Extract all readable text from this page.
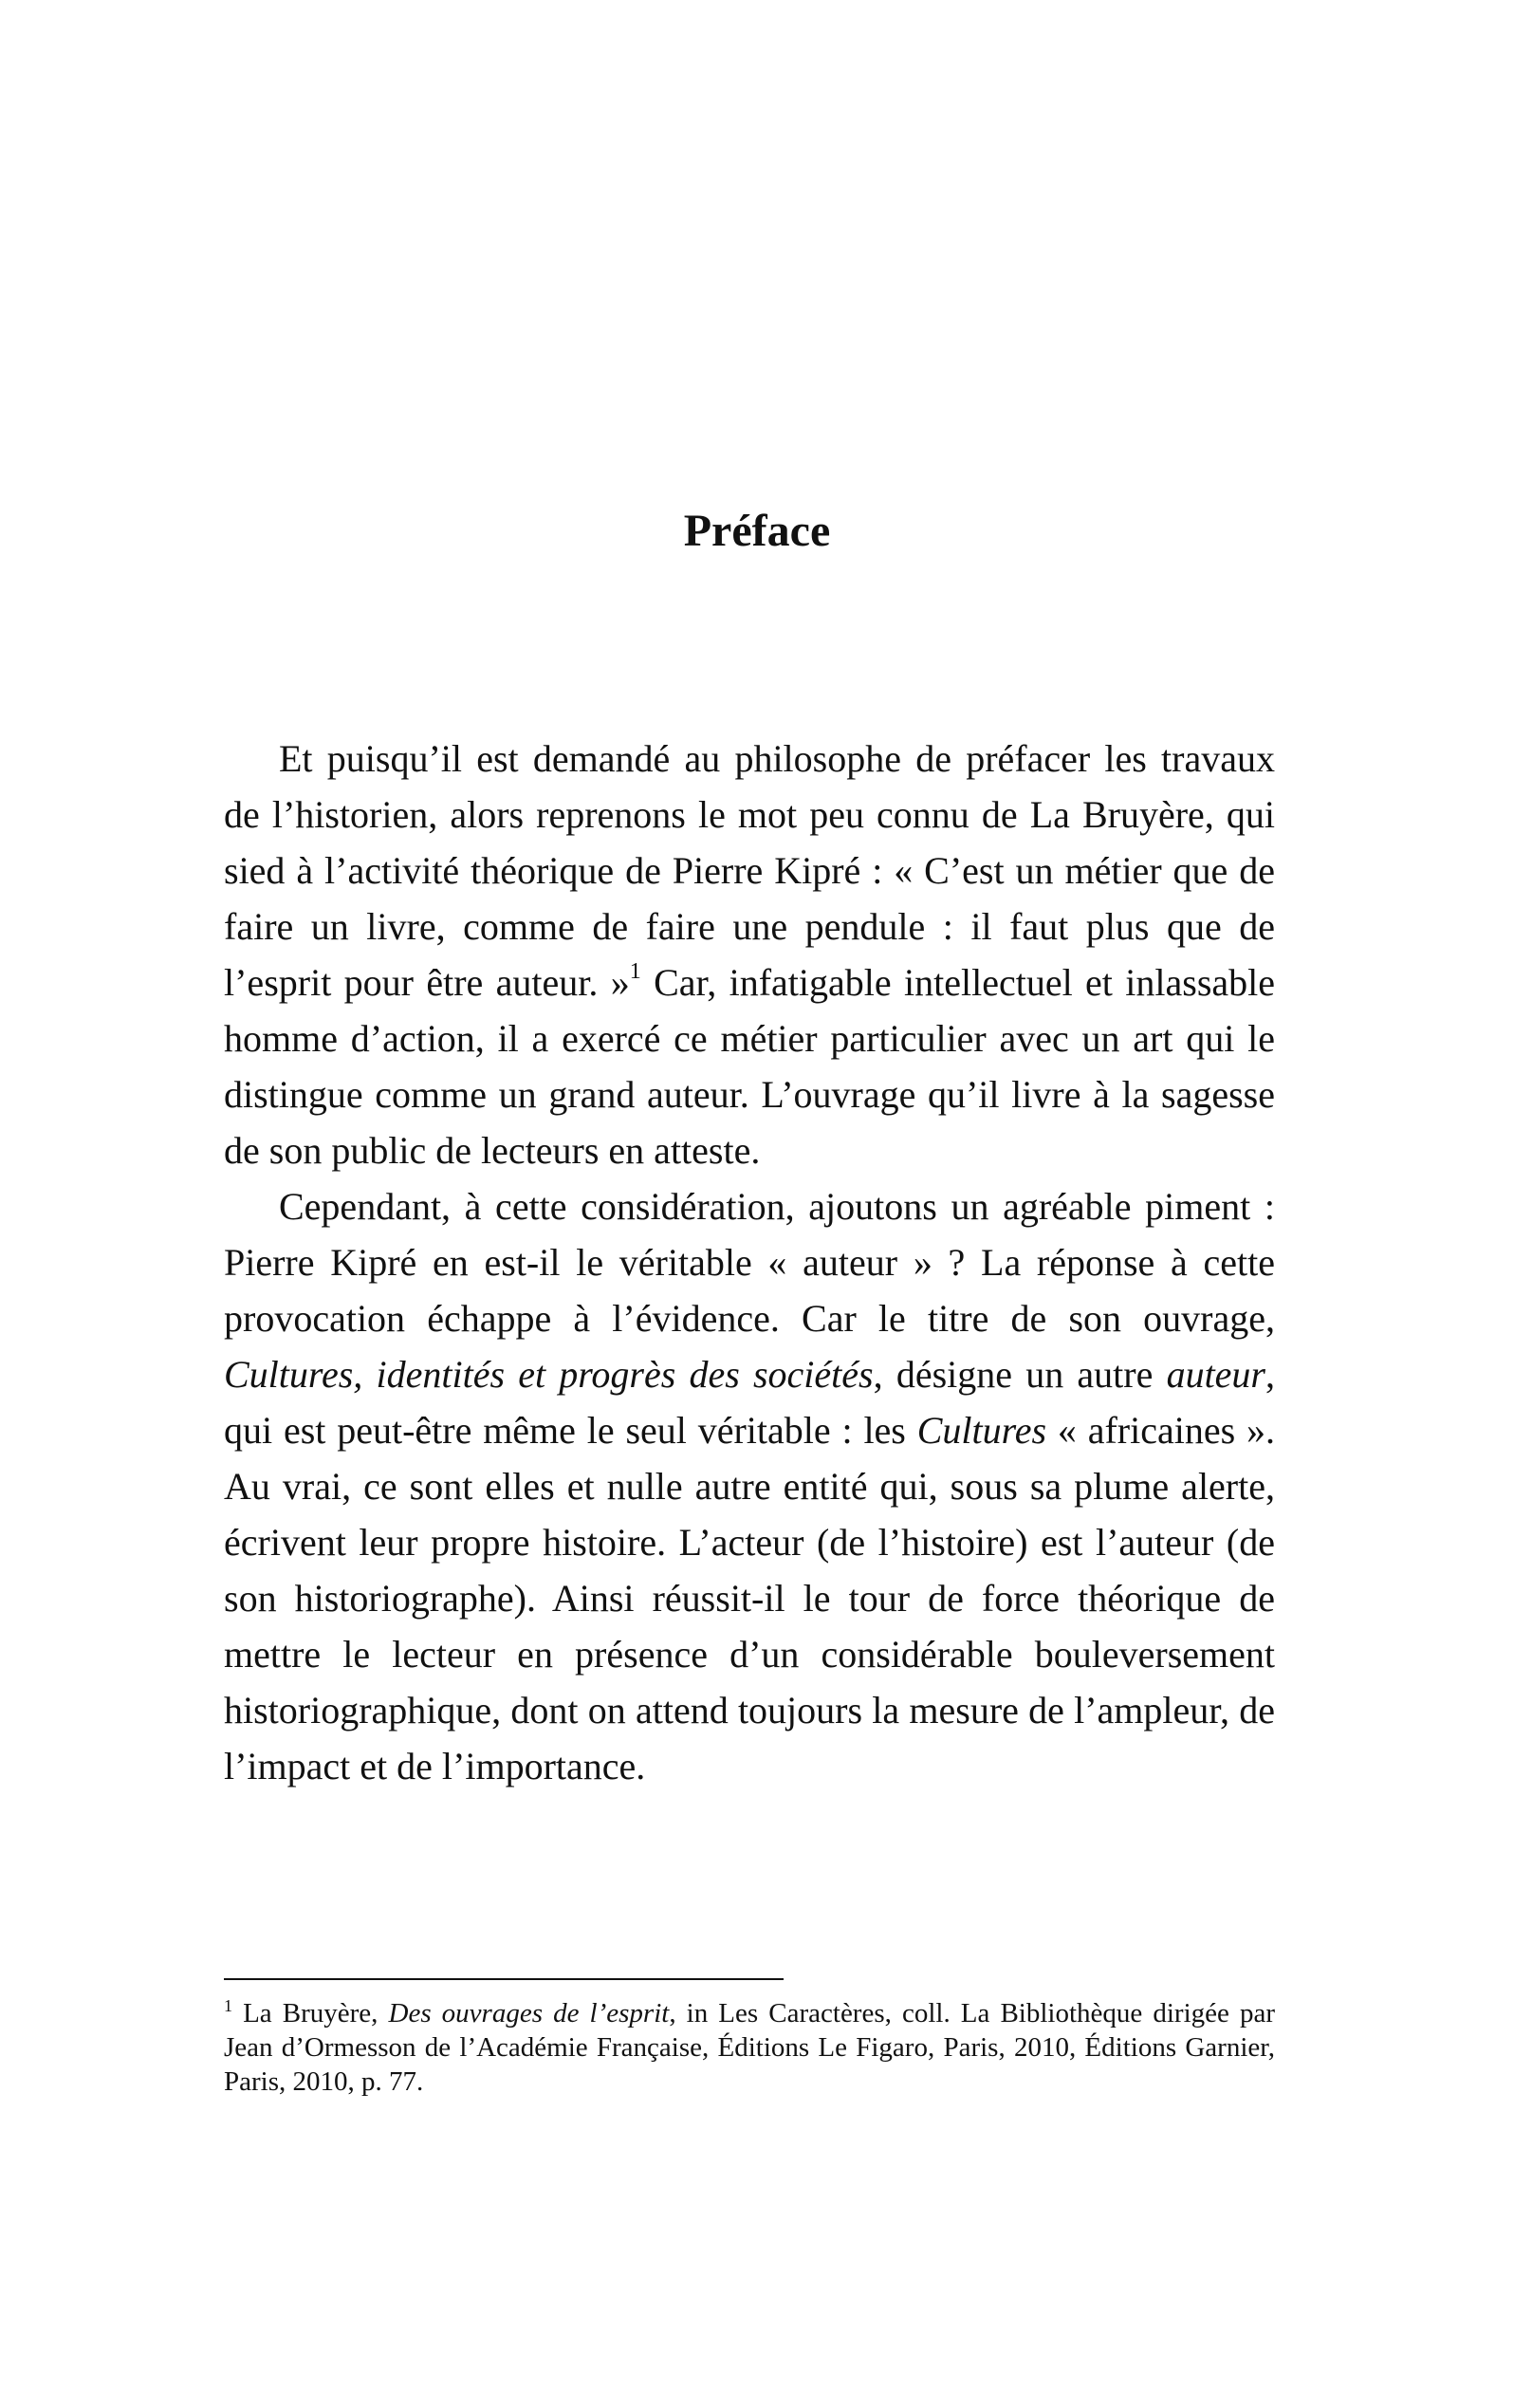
Préface

Et puisqu’il est demandé au philosophe de préfacer les travaux de l’historien, alors reprenons le mot peu connu de La Bruyère, qui sied à l’activité théorique de Pierre Kipré : « C’est un métier que de faire un livre, comme de faire une pendule : il faut plus que de l’esprit pour être auteur. »$^1$ Car, infatigable intellectuel et inlassable homme d’action, il a exercé ce métier particulier avec un art qui le distingue comme un grand auteur. L’ouvrage qu’il livre à la sagesse de son public de lecteurs en atteste.

Cependant, à cette considération, ajoutons un agréable piment : Pierre Kipré en est-il le véritable « auteur » ? La réponse à cette provocation échappe à l’évidence. Car le titre de son ouvrage, Cultures, identités et progrès des sociétés, désigne un autre auteur, qui est peut-être même le seul véritable : les Cultures « africaines ». Au vrai, ce sont elles et nulle autre entité qui, sous sa plume alerte, écrivent leur propre histoire. L’acteur (de l’histoire) est l’auteur (de son historiographe). Ainsi réussit-il le tour de force théorique de mettre le lecteur en présence d’un considérable bouleversement historiographique, dont on attend toujours la mesure de l’ampleur, de l’impact et de l’importance.

$^1$ La Bruyère, Des ouvrages de l’esprit, in Les Caractères, coll. La Bibliothèque dirigée par Jean d’Ormesson de l’Académie Française, Éditions Le Figaro, Paris, 2010, Éditions Garnier, Paris, 2010, p. 77.
